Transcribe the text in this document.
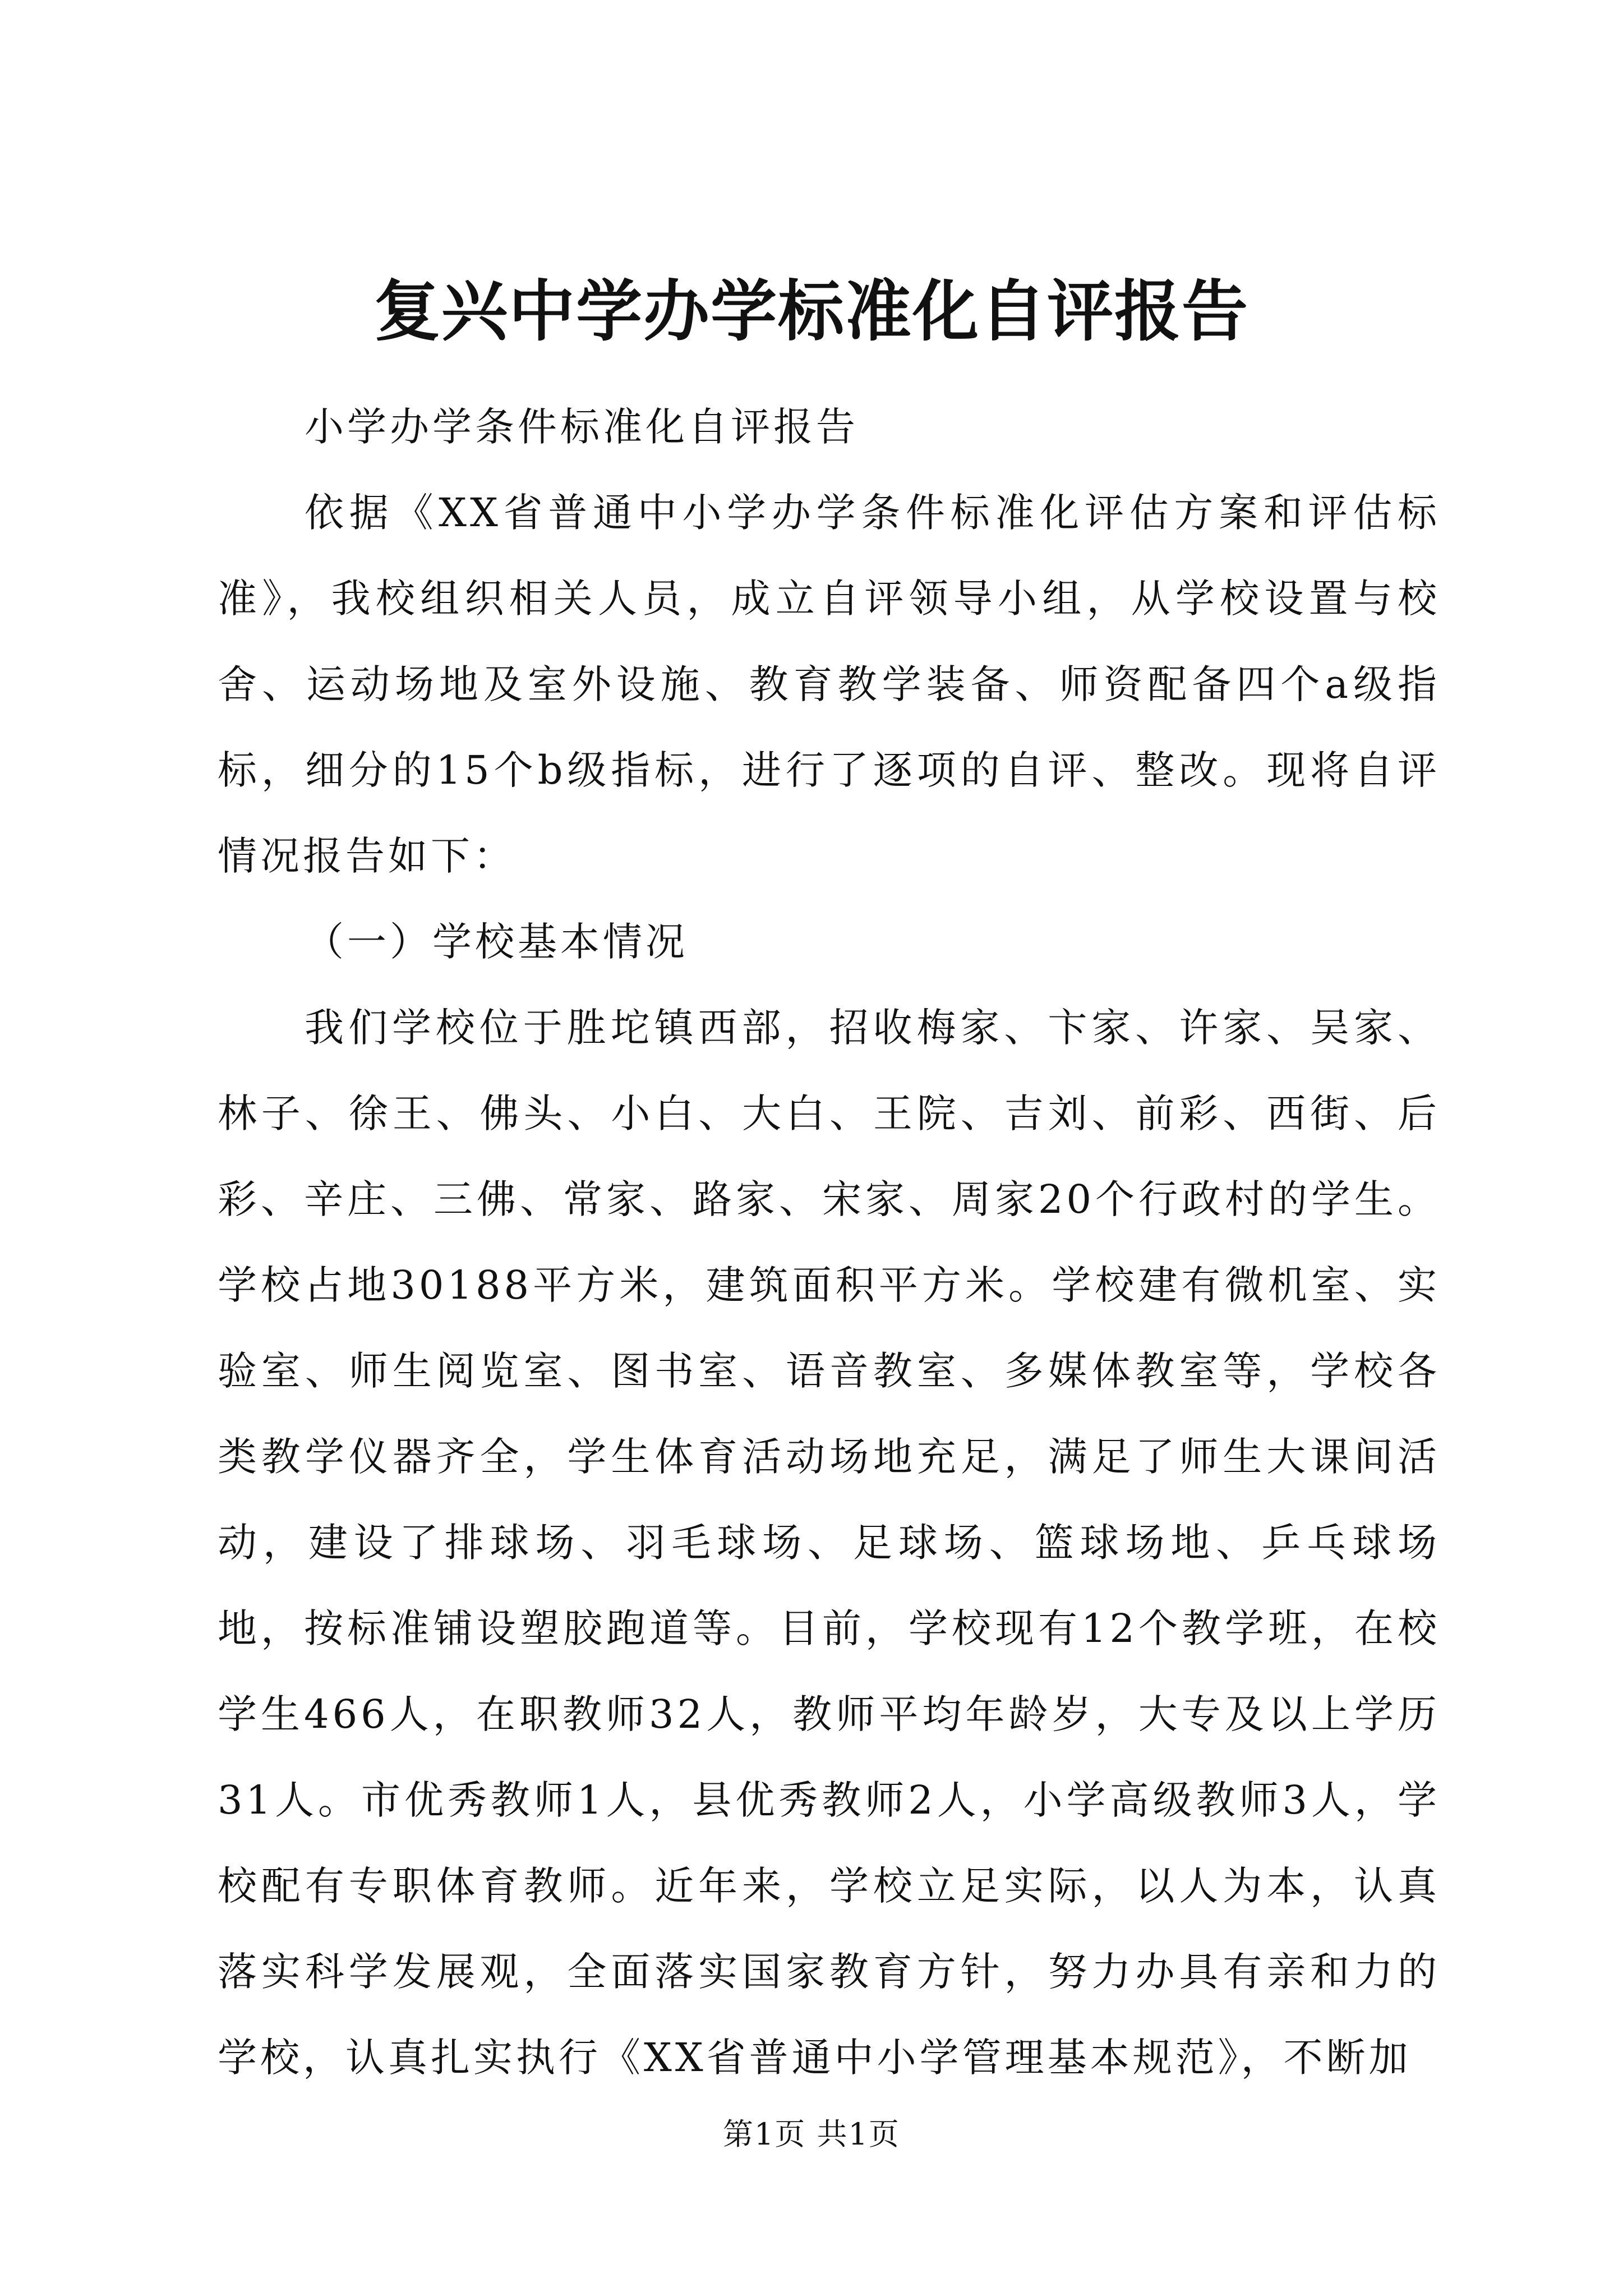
复兴中学办学标准化自评报告

小学办学条件标准化自评报告

依据《XX省普通中小学办学条件标准化评估方案和评估标准》，我校组织相关人员，成立自评领导小组，从学校设置与校舍、运动场地及室外设施、教育教学装备、师资配备四个a级指标，细分的15个b级指标，进行了逐项的自评、整改。现将自评情况报告如下：

（一）学校基本情况

我们学校位于胜坨镇西部，招收梅家、卞家、许家、吴家、林子、徐王、佛头、小白、大白、王院、吉刘、前彩、西街、后彩、辛庄、三佛、常家、路家、宋家、周家20个行政村的学生。学校占地30188平方米，建筑面积平方米。学校建有微机室、实验室、师生阅览室、图书室、语音教室、多媒体教室等，学校各类教学仪器齐全，学生体育活动场地充足，满足了师生大课间活动，建设了排球场、羽毛球场、足球场、篮球场地、乒乓球场地，按标准铺设塑胶跑道等。目前，学校现有12个教学班，在校学生466人，在职教师32人，教师平均年龄岁，大专及以上学历31人。市优秀教师1人，县优秀教师2人，小学高级教师3人，学校配有专职体育教师。近年来，学校立足实际，以人为本，认真落实科学发展观，全面落实国家教育方针，努力办具有亲和力的学校，认真扎实执行《XX省普通中小学管理基本规范》，不断加

第1页 共1页
